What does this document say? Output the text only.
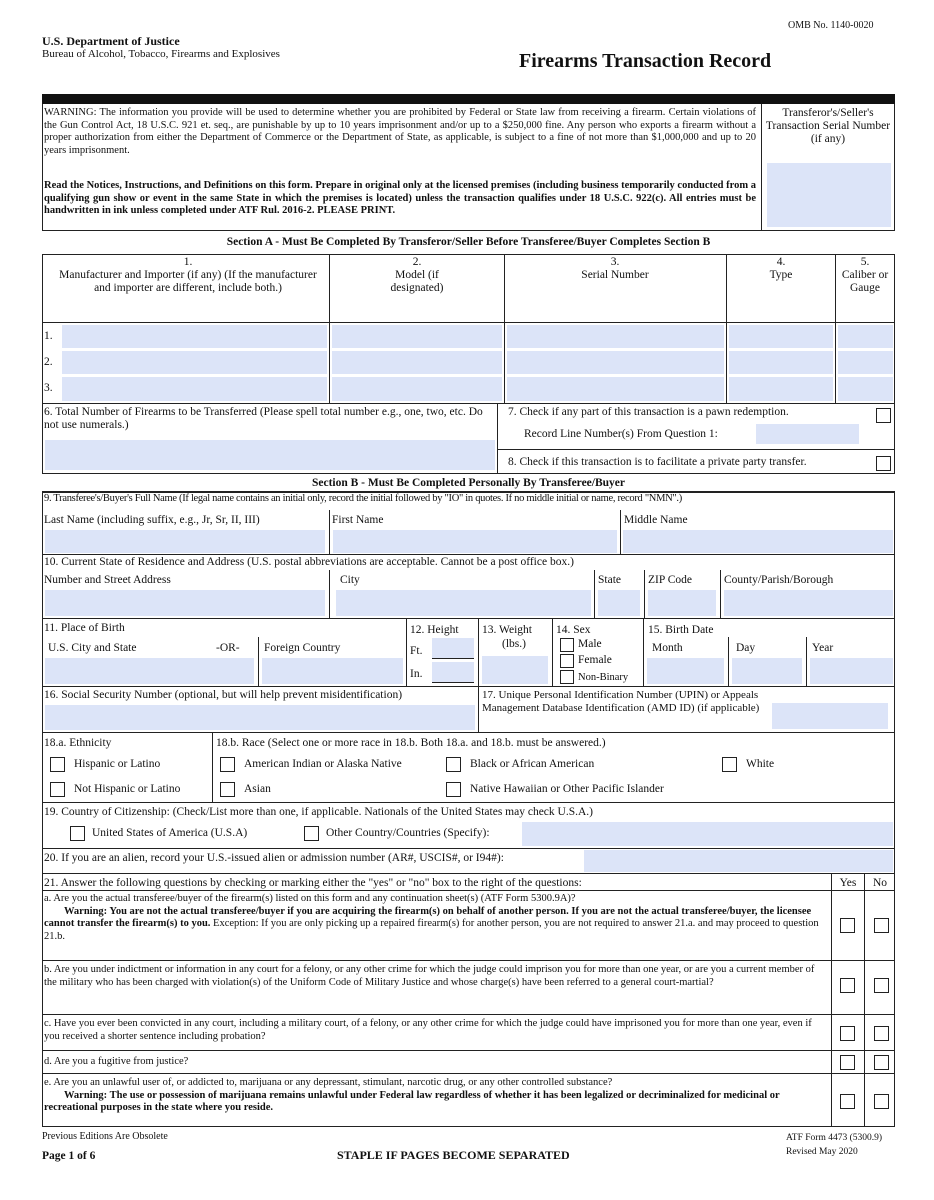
U.S. Department of Justice
Bureau of Alcohol, Tobacco, Firearms and Explosives
OMB No. 1140-0020
Firearms Transaction Record
WARNING: The information you provide will be used to determine whether you are prohibited by Federal or State law from receiving a firearm. Certain violations of the Gun Control Act, 18 U.S.C. 921 et. seq., are punishable by up to 10 years imprisonment and/or up to a $250,000 fine. Any person who exports a firearm without a proper authorization from either the Department of Commerce or the Department of State, as applicable, is subject to a fine of not more than $1,000,000 and up to 20 years imprisonment.
Read the Notices, Instructions, and Definitions on this form. Prepare in original only at the licensed premises (including business temporarily conducted from a qualifying gun show or event in the same State in which the premises is located) unless the transaction qualifies under 18 U.S.C. 922(c). All entries must be handwritten in ink unless completed under ATF Rul. 2016-2. PLEASE PRINT.
Transferor's/Seller's Transaction Serial Number (if any)
Section A - Must Be Completed By Transferor/Seller Before Transferee/Buyer Completes Section B
1.
Manufacturer and Importer (if any) (If the manufacturer and importer are different, include both.)
2.
Model (if designated)
3.
Serial Number
4.
Type
5.
Caliber or Gauge
1.
2.
3.
6. Total Number of Firearms to be Transferred (Please spell total number e.g., one, two, etc. Do not use numerals.)
7. Check if any part of this transaction is a pawn redemption.
Record Line Number(s) From Question 1:
8. Check if this transaction is to facilitate a private party transfer.
Section B - Must Be Completed Personally By Transferee/Buyer
9. Transferee's/Buyer's Full Name (If legal name contains an initial only, record the initial followed by "IO" in quotes. If no middle initial or name, record "NMN".)
Last Name (including suffix, e.g., Jr, Sr, II, III)	First Name	Middle Name
10. Current State of Residence and Address (U.S. postal abbreviations are acceptable. Cannot be a post office box.)
Number and Street Address	City	State ZIP Code	County/Parish/Borough
11. Place of Birth
U.S. City and State	-OR- Foreign Country
12. Height
Ft.
In.
13. Weight
(lbs.)
14. Sex
Male
Female
Non-Binary
15. Birth Date
Month	Day	Year
16. Social Security Number (optional, but will help prevent misidentification)	17. Unique Personal Identification Number (UPIN) or Appeals Management Database Identification (AMD ID) (if applicable)
18.a. Ethnicity
Hispanic or Latino
Not Hispanic or Latino
18.b. Race (Select one or more race in 18.b. Both 18.a. and 18.b. must be answered.)
American Indian or Alaska Native	Black or African American	White
Asian	Native Hawaiian or Other Pacific Islander
19. Country of Citizenship: (Check/List more than one, if applicable. Nationals of the United States may check U.S.A.)
United States of America (U.S.A)	Other Country/Countries (Specify):
20. If you are an alien, record your U.S.-issued alien or admission number (AR#, USCIS#, or I94#):
21. Answer the following questions by checking or marking either the "yes" or "no" box to the right of the questions:	Yes	No
a. Are you the actual transferee/buyer of the firearm(s) listed on this form and any continuation sheet(s) (ATF Form 5300.9A)?
Warning: You are not the actual transferee/buyer if you are acquiring the firearm(s) on behalf of another person. If you are not the actual transferee/buyer, the licensee cannot transfer the firearm(s) to you. Exception: If you are only picking up a repaired firearm(s) for another person, you are not required to answer 21.a. and may proceed to question 21.b.
b. Are you under indictment or information in any court for a felony, or any other crime for which the judge could imprison you for more than one year, or are you a current member of the military who has been charged with violation(s) of the Uniform Code of Military Justice and whose charge(s) have been referred to a general court-martial?
c. Have you ever been convicted in any court, including a military court, of a felony, or any other crime for which the judge could have imprisoned you for more than one year, even if you received a shorter sentence including probation?
d. Are you a fugitive from justice?
e. Are you an unlawful user of, or addicted to, marijuana or any depressant, stimulant, narcotic drug, or any other controlled substance?
Warning: The use or possession of marijuana remains unlawful under Federal law regardless of whether it has been legalized or decriminalized for medicinal or recreational purposes in the state where you reside.
Previous Editions Are Obsolete
Page 1 of 6	STAPLE IF PAGES BECOME SEPARATED
ATF Form 4473 (5300.9)
Revised May 2020
